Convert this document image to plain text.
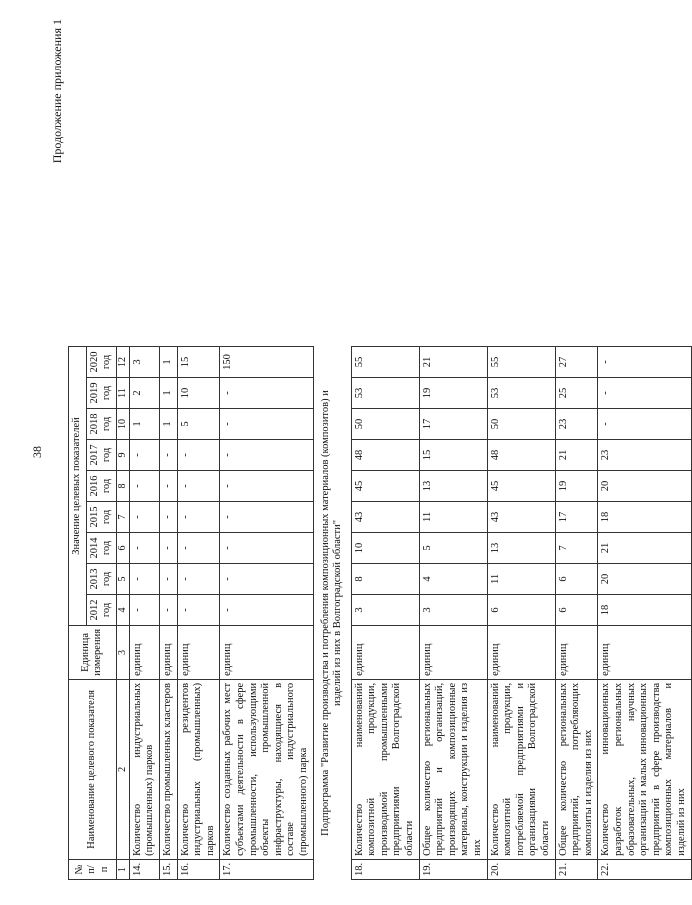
38
Продолжение приложения 1
№ п/п	Наименование целевого показателя	Единица измерения	Значение целевых показателей								
			2012 год	2013 год	2014 год	2015 год	2016 год	2017 год	2018 год	2019 год	2020 год
1	2	3	4	5	6	7	8	9	10	11	12
14.	Количество индустриальных (промышленных) парков	единиц	-	-	-	-	-	-	1	2	3
15.	Количество промышленных кластеров	единиц	-	-	-	-	-	-	1	1	1
16.	Количество резидентов индустриальных (промышленных) парков	единиц	-	-	-	-	-	-	5	10	15
17.	Количество созданных рабочих мест субъектами деятельности в сфере промышленности, использующими объекты промышленной инфраструктуры, находящиеся в составе индустриального (промышленного) парка	единиц	-	-	-	-	-	-	-	-	150
Подпрограмма "Развитие производства и потребления композиционных материалов (композитов) и изделий из них в Волгоградской области"											
18.	Количество наименований композитной продукции, производимой промышленными предприятиями Волгоградской области	единиц	3	8	10	43	45	48	50	53	55
19.	Общее количество региональных предприятий и организаций, производящих композиционные материалы, конструкции и изделия из них	единиц	3	4	5	11	13	15	17	19	21
20.	Количество наименований композитной продукции, потребляемой предприятиями и организациями Волгоградской области	единиц	6	11	13	43	45	48	50	53	55
21.	Общее количество региональных предприятий, потребляющих композиты и изделия из них	единиц	6	6	7	17	19	21	23	25	27
22.	Количество инновационных разработок региональных образовательных, научных организаций и малых инновационных предприятий в сфере производства композиционных материалов и изделий из них	единиц	18	20	21	18	20	23	-	-	-
